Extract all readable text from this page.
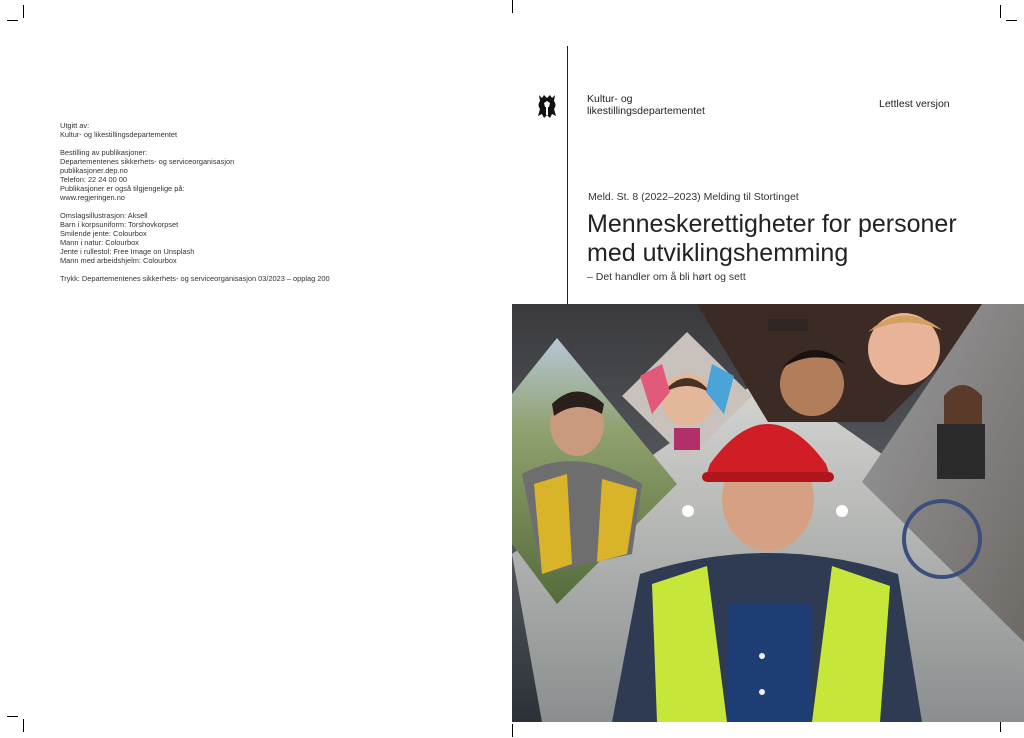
Utgitt av:
Kultur- og likestillingsdepartementet
Bestilling av publikasjoner:
Departementenes sikkerhets- og serviceorganisasjon
publikasjoner.dep.no
Telefon: 22 24 00 00
Publikasjoner er også tilgjengelige på:
www.regjeringen.no
Omslagsillustrasjon: Aksell
Barn i korpsuniform: Torshovkorpset
Smilende jente: Colourbox
Mann i natur: Colourbox
Jente i rullestol: Free Image on Unsplash
Mann med arbeidshjelm: Colourbox
Trykk: Departementenes sikkerhets- og serviceorganisasjon 03/2023 – opplag 200
Kultur- og
likestillingsdepartementet
Lettlest versjon
Meld. St. 8 (2022–2023) Melding til Stortinget
Menneskerettigheter for personer
med utviklingshemming
– Det handler om å bli hørt og sett
